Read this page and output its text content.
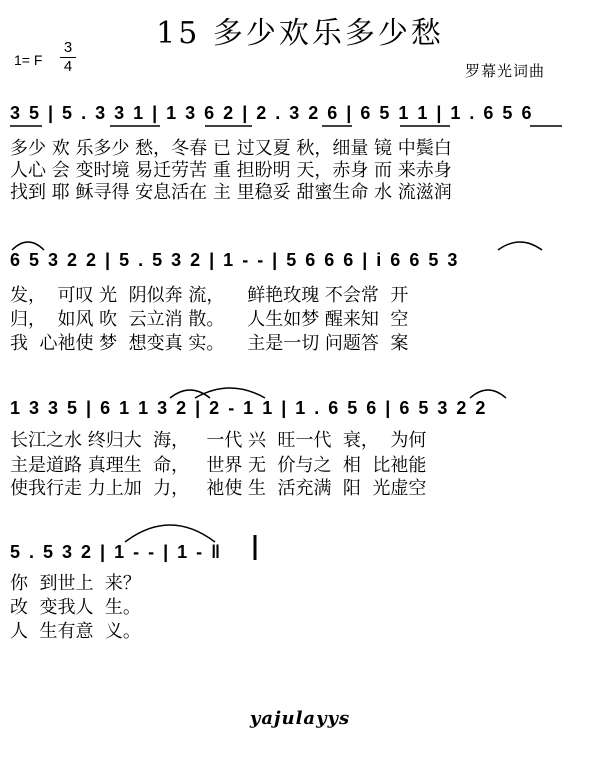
15 多少欢乐多少愁
1= F
3
4	罗幕光词曲
3 5 | 5 . 3 3 1 | 1 3 6 2 | 2 . 3 2 6 | 6 5 1 1 | 1 . 6 5 6
多少 欢 乐多少 愁，冬春 已 过又夏 秋，细量 镜 中鬓白
人心 会 变时境 易迁劳苦 重 担盼明 天，赤身 而 来赤身
找到 耶 稣寻得 安息活在 主 里稳妥 甜蜜生命 水 流滋润
6 5 3 2 2 | 5 . 5 3 2 | 1 - - | 5 6 6 6 | i 6 6 5 3
发，  可叹 光  阴似奔 流，    鲜艳玫瑰 不会常  开
归，  如风 吹  云立消 散。    人生如梦 醒来知  空
我  心祂使 梦  想变真 实。    主是一切 问题答  案
1 3 3 5 | 6 1 1 3 2 | 2 - 1 1 | 1 . 6 5 6 | 6 5 3 2 2
长江之水 终归大  海，   一代 兴  旺一代  衰，  为何
主是道路 真理生  命，   世界 无  价与之  相  比祂能
使我行走 力上加  力，   祂使 生  活充满  阳  光虚空
5 . 5 3 2 | 1 - - | 1 - ‖
你  到世上  来？
改  变我人  生。
人  生有意  义。
yajulayys
